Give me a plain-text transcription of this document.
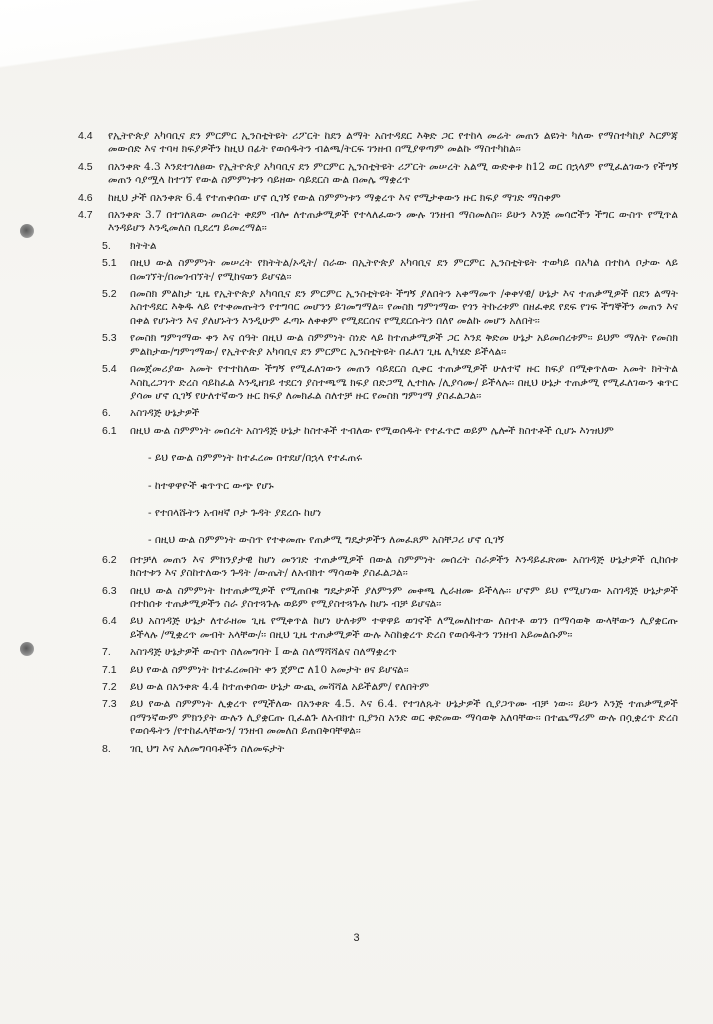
4.4 የኢትዮጵያ አካባቢና ደን ምርምር ኢንስቲትዩት ሪፖርት ከደን ልማት አስተዳደር እቅድ ጋር የተከላ መሬት መጠን ልዩነት ካለው የማስተካከያ እርምጃ መውሰድ እና ተባዛ ክፍያዎችን ከዚህ በፊት የወሰዱትን ብልጫ/ትርፍ ገንዘብ በሚያዋጣም መልኩ ማስተካከል፡፡
4.5 በአንቀጽ 4.3 እንደተገለፀው የኢትዮጵያ አካባቢና ደን ምርምር ኢንስቲትዩት ሪፖርት መሠረት አልሚ ውድቀቱ ከ12 ወር በኋላም የሚፈልገውን የችግኝ መጠን ሳያሟላ ከተገኘ የውል ስምምነቱን ሳይዘው ሳይደርስ ውል በመሌ ማቋረጥ
4.6 ከዚህ ታች በአንቀጽ 6.4 የተጠቀሰው ሆኖ ሲገኝ የውል ስምምነቱን ማቋረጥ እና የሚታቀውን ዙር ክፍያ ማገድ ማስቀም
4.7 በአንቀጽ 3.7 በተገለጸው መሰረት ቀደም ብሎ ለተጠቃሚዎች የተላለፈውን ሙሉ ገንዘብ ማስመለስ፡፡ ይሁን እንጅ መሳሮችን ችግር ውስጥ የሚጥል እንዳይሆን እንዲመለስ ቢደረግ ይመረማል፡፡
5. ክትትል
5.1 በዚህ ውል ስምምነት መሠረት የክትትል/ኦዲት/ ስራው በኢትዮጵያ አካባቢና ደን ምርምር ኢንስቲትዩት ተወካይ በአካል በተከላ ቦታው ላይ በመገኘት/በመጎብኘት/ የሚከናወን ይሆናል፡፡
5.2 በመስክ ምልከታ ጊዜ የኢትዮጵያ አካባቢና ደን ምርምር ኢንስቲትዩት ችግኝ ያለበትን አቀማመጥ /ቀቀሃዊ/ ሁኔታ እና ተጠቃሚዎች በደን ልማት አስተዳደር እቅዱ ላይ የተቀመጡትን የተግባር መሆንን ይገመግማል፡፡ የመስክ ግምገማው የጎን ትኩረቱም በዘፈቀደ የደፍ የገፍ ችግኞችን መጠን እና በቀል የሆኑትን እና ያለሆኑትን እንዲሁም ፈጣኑ ለቀቀም የሚደርሰና የሚደርሱትን በለየ መልኩ መሆን አለበት፡፡
5.3 የመስክ ግምገማው ቀን እና ሰዓት በዚህ ውል ስምምነት ስነድ ላይ ከተጠቃሚዎች ጋር እንደ ቅድመ ሁኔታ አይመሰረቱም፡፡ ይህም ማለት የመስክ ምልከታው/ግምገማው/ የኢትዮጵያ አካባቢና ደን ምርምር ኢንስቲትዩት በፈለገ ጊዜ ሊካሄድ ይችላል፡፡
5.4 በመጀመሪያው አመት የተተከለው ችግኝ የሚፈለገውን መጠን ሳይደርስ ሲቀር ተጠቃሚዎች ሁለተኛ ዙር ክፍያ በሚቀጥለው አመት ክትትል እስኪረጋገጥ ድረስ ሳይከፈል እንዲዘገይ ተደርጎ ያስተጫሜ ክፍያ በድጋሚ ሊተክሉ /ሊያሳሙ/ ይችላሉ፡፡ በዚህ ሁኔታ ተጠቃሚ የሚፈለገውን ቁጥር ያሳመ ሆኖ ሲገኝ የሁለተኛውን ዙር ክፍያ ለመክፈል ስለተቻ ዙር የመስክ ግምገማ ያስፈልጋል፡፡
6. አስገዳጅ ሁኔታዎች
6.1 በዚህ ውል ስምምነት መሰረት አስገዳጅ ሁኔታ ከስተቶች ተብለው የሚወሰዱት የተፈጥሮ ወይም ሌሎች ክስተቶች ሲሆኑ እነዝህም
- ይህ የውል ስምምነት ከተፈረመ በተደሆ/በኋላ የተፈጠሩ
- ከተዋዋዮች ቁጥጥር ውጭ የሆኑ
- የተበላሹትን አብዛኛ ቦታ ጉዳት ያደረሱ ከሆነ
- በዚህ ውል ስምምነት ውስጥ የተቀመጡ የጠቃሚ ግዴታዎችን ለመፈጸም አስቸጋሪ ሆኖ ሲገኝ
6.2 በተቻለ መጠን እና ምክንያታዊ ከሆነ መንገድ ተጠቃሚዎች በውል ስምምነት መሰረት ስራዎችን እንዳይፈጽሙ አስገዳጅ ሁኔታዎች ሲከሰቱ ክስተቱን እና ያስከተለውን ጉዳት /ውጤት/ ለአብክተ ማሳወቅ ያስፈልጋል፡፡
6.3 በዚህ ውል ስምምነት ከተጠቃሚዎች የሚጠበቁ ግዴታዎች ያለምንም መቀጫ ሊራዘሙ ይችላሉ፡፡ ሆኖም ይህ የሚሆነው አስገዳጅ ሁኔታዎች በተከሰቱ ተጠቃሚዎችን ስራ ያስተጓጉሉ ወይም የሚያስተጓጉሉ ከሆኑ ብቻ ይሆናል፡፡
6.4 ይህ አስገዳጅ ሁኔታ ለተራዘመ ጊዜ የሚቀጥል ከሆነ ሁለቱም ተዋዋይ ወገኖች ለሚመለከተው ለስተቶ ወገን በማሳወቅ ውላቸውን ሊያቋርጡ ይችላሉ /ሚቋረጥ መብት አላቸው/፡፡ በዚህ ጊዜ ተጠቃሚዎች ውሉ እስከቋረጥ ድረስ የወሰዱትን ገንዘብ አይመልሱም፡፡
7. አስገዳጅ ሁኔታዎች ውስጥ ስለመግባት I ውል ስለማሻሻልና ስለማቋረጥ
7.1 ይህ የውል ስምምነት ከተፈረመበት ቀን ጀምሮ ለ10 አመታት ፀና ይሆናል፡፡
7.2 ይህ ውል በአንቀጽ 4.4 ከተጠቀሰው ሁኔታ ውጪ መሻሻል አይችልም/ የለበትም
7.3 ይህ የውል ስምምነት ሊቋረጥ የሚችለው በአንቀጽ 4.5. እና 6.4. የተገለጹት ሁኔታዎች ሲያጋጥሙ ብቻ ነው፡፡ ይሁን እንጅ ተጠቃሚዎች በማንኛውም ምክንያት ውሉን ሊያቋርጡ ቢፈልጉ ለአብክተ ቢያንስ አንድ ወር ቀድመው ማሳወቅ አለባቸው፡፡ በተጨማሪም ውሉ በሷቋረጥ ድረስ የወሰዱትን /የተከፈላቸውን/ ገንዘብ መመለስ ይጠበቅባቸዋል፡፡
8. ገቢ ህግ እና አለመግባባቶችን ስለመፍታት
3
